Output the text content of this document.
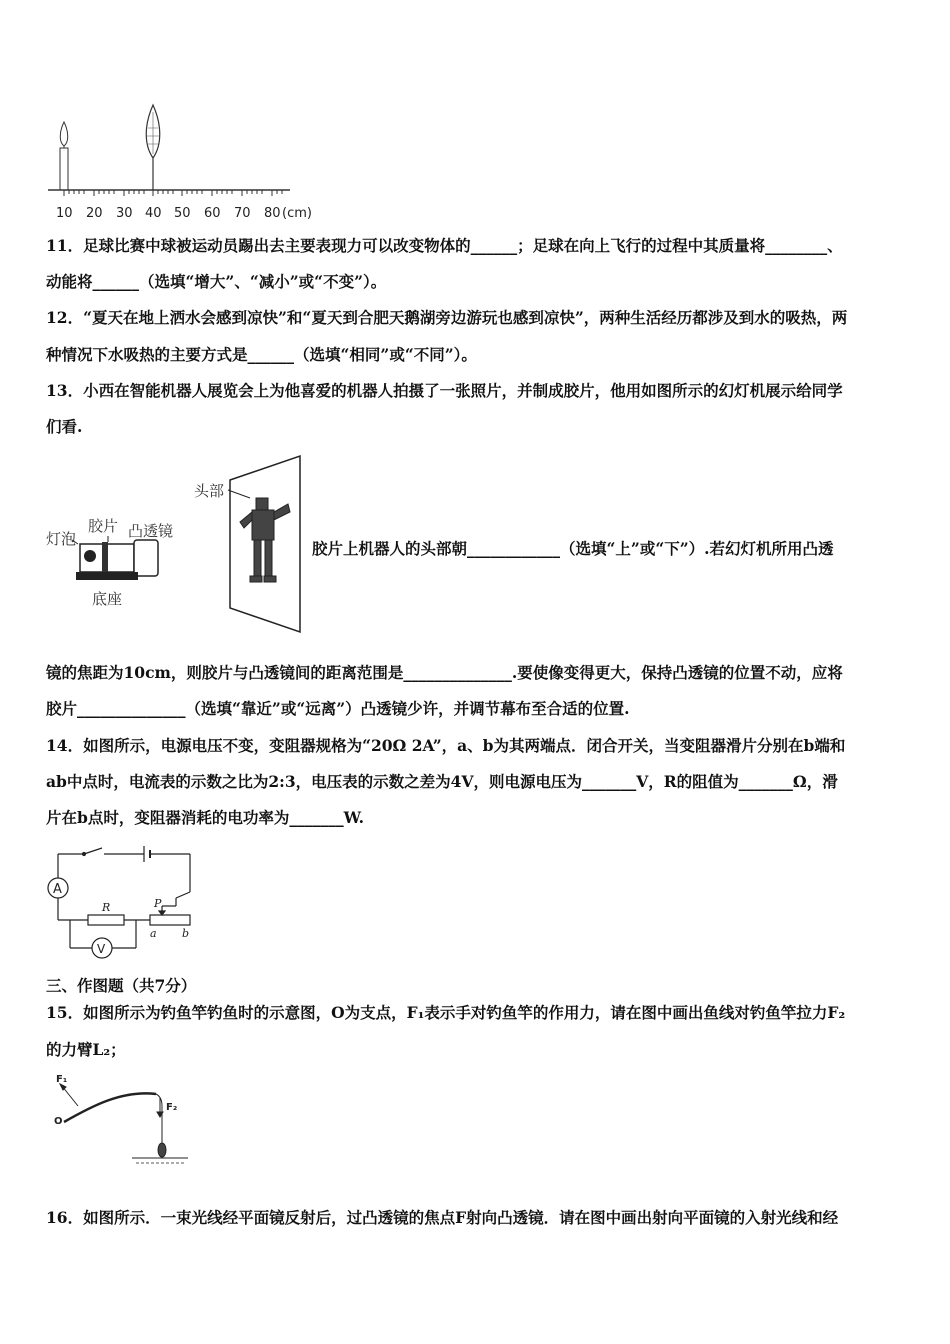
10 20 30 40 50 60 70 80 (cm)
11．足球比赛中球被运动员踢出去主要表现力可以改变物体的______；足球在向上飞行的过程中其质量将________、
动能将______（选填“增大”、“减小”或“不变”）。
12．“夏天在地上洒水会感到凉快”和“夏天到合肥天鹅湖旁边游玩也感到凉快”，两种生活经历都涉及到水的吸热，两
种情况下水吸热的主要方式是______（选填“相同”或“不同”）。
13．小西在智能机器人展览会上为他喜爱的机器人拍摄了一张照片，并制成胶片，他用如图所示的幻灯机展示给同学
们看.
头部
胶片 凸透镜
灯泡
底座
胶片上机器人的头部朝____________（选填“上”或“下”）.若幻灯机所用凸透
镜的焦距为10cm，则胶片与凸透镜间的距离范围是______________.要使像变得更大，保持凸透镜的位置不动，应将
胶片______________（选填“靠近”或“远离”）凸透镜少许，并调节幕布至合适的位置.
14．如图所示，电源电压不变，变阻器规格为“20Ω 2A”，a、b为其两端点．闭合开关，当变阻器滑片分别在b端和
ab中点时，电流表的示数之比为2:3，电压表的示数之差为4V，则电源电压为_______V，R的阻值为_______Ω，滑
片在b点时，变阻器消耗的电功率为_______W.
A
V
R	P
a b
三、作图题（共7分）
15．如图所示为钓鱼竿钓鱼时的示意图，O为支点，F₁表示手对钓鱼竿的作用力，请在图中画出鱼线对钓鱼竿拉力F₂
的力臂L₂；
F₁
F₂
O
16．如图所示．一束光线经平面镜反射后，过凸透镜的焦点F射向凸透镜．请在图中画出射向平面镜的入射光线和经
